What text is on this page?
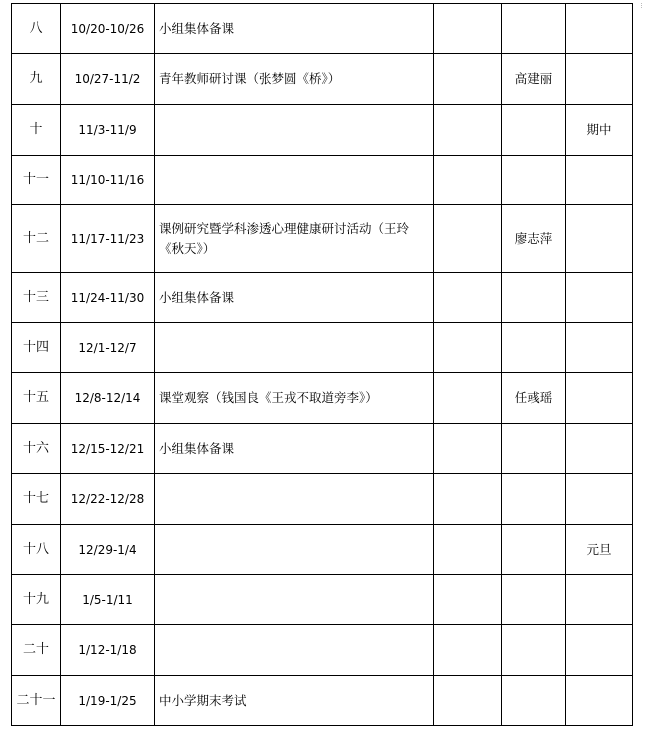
八	10/20-10/26	小组集体备课			
九	10/27-11/2	青年教师研讨课（张梦圆《桥》）		高建丽	
十	11/3-11/9				期中
十一	11/10-11/16				
十二	11/17-11/23	课例研究暨学科渗透心理健康研讨活动（王玲《秋天》）		廖志萍	
十三	11/24-11/30	小组集体备课			
十四	12/1-12/7				
十五	12/8-12/14	课堂观察（钱国良《王戎不取道旁李》）		任彧瑶	
十六	12/15-12/21	小组集体备课			
十七	12/22-12/28				
十八	12/29-1/4				元旦
十九	1/5-1/11				
二十	1/12-1/18				
二十一	1/19-1/25	中小学期末考试			
